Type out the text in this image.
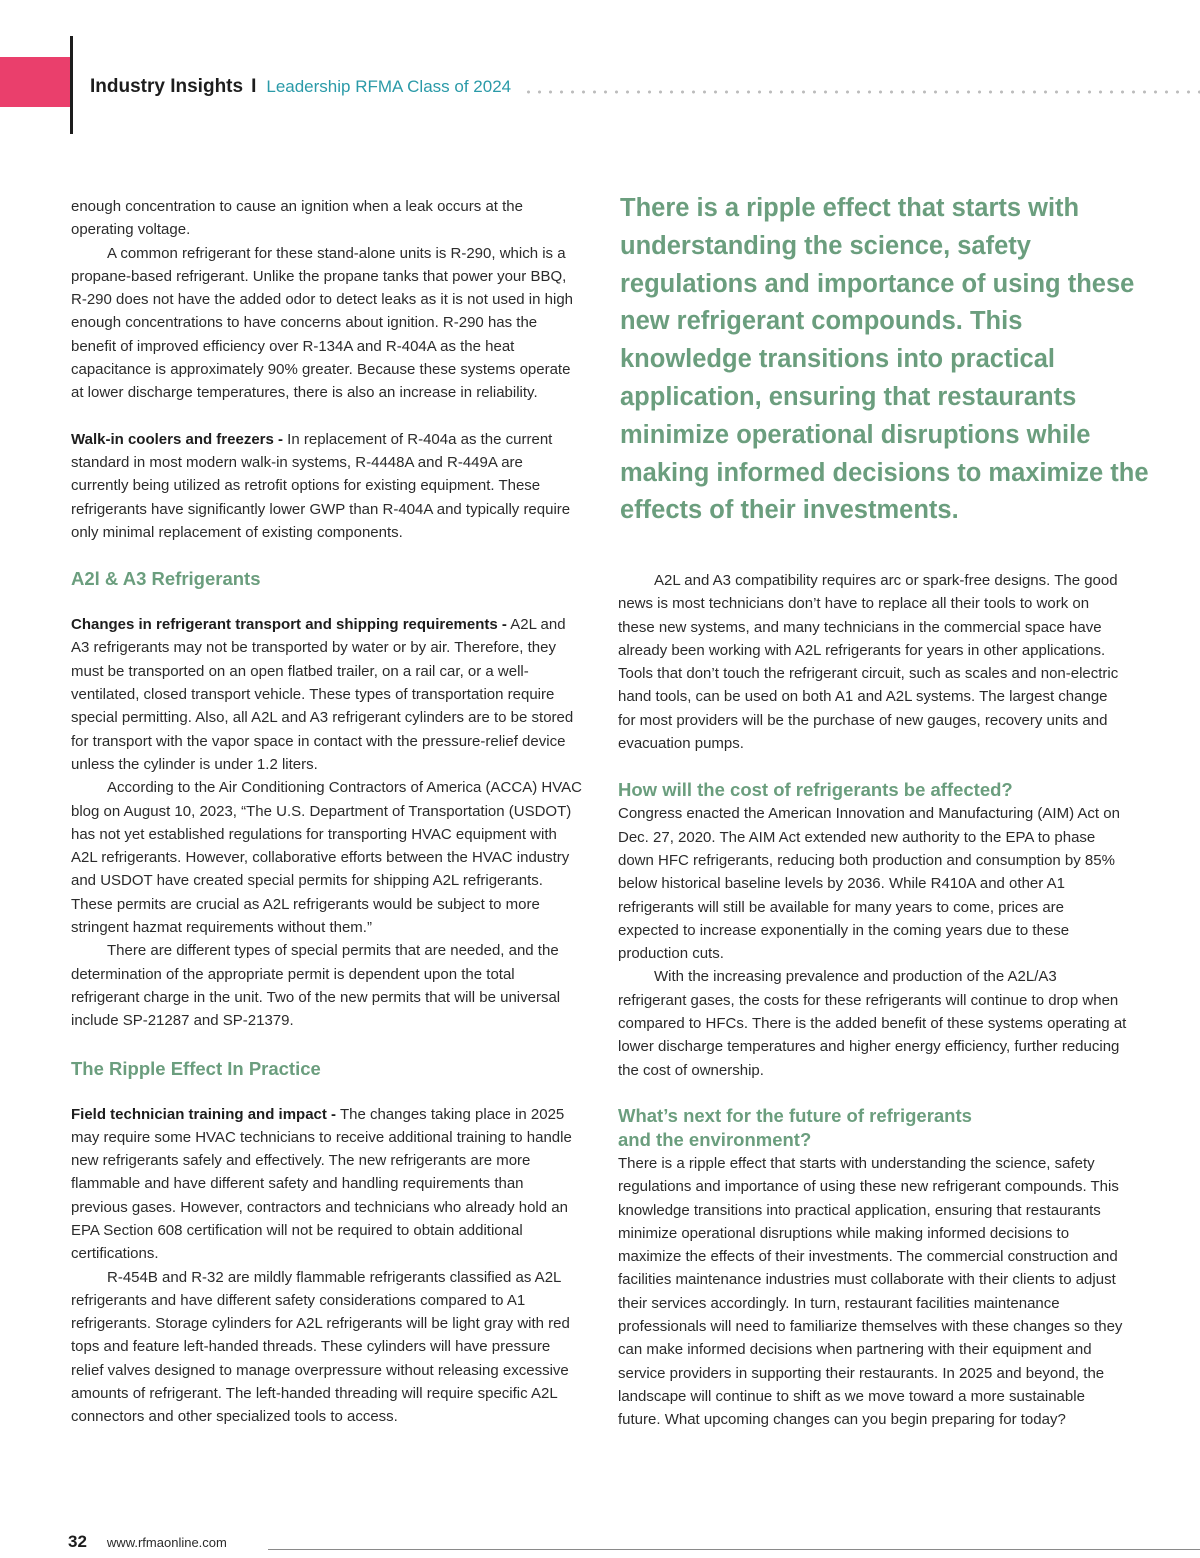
Industry Insights I Leadership RFMA Class of 2024

enough concentration to cause an ignition when a leak occurs at the operating voltage.

A common refrigerant for these stand-alone units is R-290, which is a propane-based refrigerant. Unlike the propane tanks that power your BBQ, R-290 does not have the added odor to detect leaks as it is not used in high enough concentrations to have concerns about ignition. R-290 has the benefit of improved efficiency over R-134A and R-404A as the heat capacitance is approximately 90% greater. Because these systems operate at lower discharge temperatures, there is also an increase in reliability.

Walk-in coolers and freezers - In replacement of R-404a as the current standard in most modern walk-in systems, R-4448A and R-449A are currently being utilized as retrofit options for existing equipment. These refrigerants have significantly lower GWP than R-404A and typically require only minimal replacement of existing components.

A2l & A3 Refrigerants

Changes in refrigerant transport and shipping requirements - A2L and A3 refrigerants may not be transported by water or by air. Therefore, they must be transported on an open flatbed trailer, on a rail car, or a well-ventilated, closed transport vehicle. These types of transportation require special permitting. Also, all A2L and A3 refrigerant cylinders are to be stored for transport with the vapor space in contact with the pressure-relief device unless the cylinder is under 1.2 liters.

According to the Air Conditioning Contractors of America (ACCA) HVAC blog on August 10, 2023, “The U.S. Department of Transportation (USDOT) has not yet established regulations for transporting HVAC equipment with A2L refrigerants. However, collaborative efforts between the HVAC industry and USDOT have created special permits for shipping A2L refrigerants. These permits are crucial as A2L refrigerants would be subject to more stringent hazmat requirements without them.”

There are different types of special permits that are needed, and the determination of the appropriate permit is dependent upon the total refrigerant charge in the unit. Two of the new permits that will be universal include SP-21287 and SP-21379.

The Ripple Effect In Practice

Field technician training and impact - The changes taking place in 2025 may require some HVAC technicians to receive additional training to handle new refrigerants safely and effectively. The new refrigerants are more flammable and have different safety and handling requirements than previous gases. However, contractors and technicians who already hold an EPA Section 608 certification will not be required to obtain additional certifications.

R-454B and R-32 are mildly flammable refrigerants classified as A2L refrigerants and have different safety considerations compared to A1 refrigerants. Storage cylinders for A2L refrigerants will be light gray with red tops and feature left-handed threads. These cylinders will have pressure relief valves designed to manage overpressure without releasing excessive amounts of refrigerant. The left-handed threading will require specific A2L connectors and other specialized tools to access.

There is a ripple effect that starts with understanding the science, safety regulations and importance of using these new refrigerant compounds. This knowledge transitions into practical application, ensuring that restaurants minimize operational disruptions while making informed decisions to maximize the effects of their investments.

A2L and A3 compatibility requires arc or spark-free designs. The good news is most technicians don’t have to replace all their tools to work on these new systems, and many technicians in the commercial space have already been working with A2L refrigerants for years in other applications. Tools that don’t touch the refrigerant circuit, such as scales and non-electric hand tools, can be used on both A1 and A2L systems. The largest change for most providers will be the purchase of new gauges, recovery units and evacuation pumps.

How will the cost of refrigerants be affected?

Congress enacted the American Innovation and Manufacturing (AIM) Act on Dec. 27, 2020. The AIM Act extended new authority to the EPA to phase down HFC refrigerants, reducing both production and consumption by 85% below historical baseline levels by 2036. While R410A and other A1 refrigerants will still be available for many years to come, prices are expected to increase exponentially in the coming years due to these production cuts.

With the increasing prevalence and production of the A2L/A3 refrigerant gases, the costs for these refrigerants will continue to drop when compared to HFCs. There is the added benefit of these systems operating at lower discharge temperatures and higher energy efficiency, further reducing the cost of ownership.

What’s next for the future of refrigerants
and the environment?

There is a ripple effect that starts with understanding the science, safety regulations and importance of using these new refrigerant compounds. This knowledge transitions into practical application, ensuring that restaurants minimize operational disruptions while making informed decisions to maximize the effects of their investments. The commercial construction and facilities maintenance industries must collaborate with their clients to adjust their services accordingly. In turn, restaurant facilities maintenance professionals will need to familiarize themselves with these changes so they can make informed decisions when partnering with their equipment and service providers in supporting their restaurants. In 2025 and beyond, the landscape will continue to shift as we move toward a more sustainable future. What upcoming changes can you begin preparing for today?

32 www.rfmaonline.com
